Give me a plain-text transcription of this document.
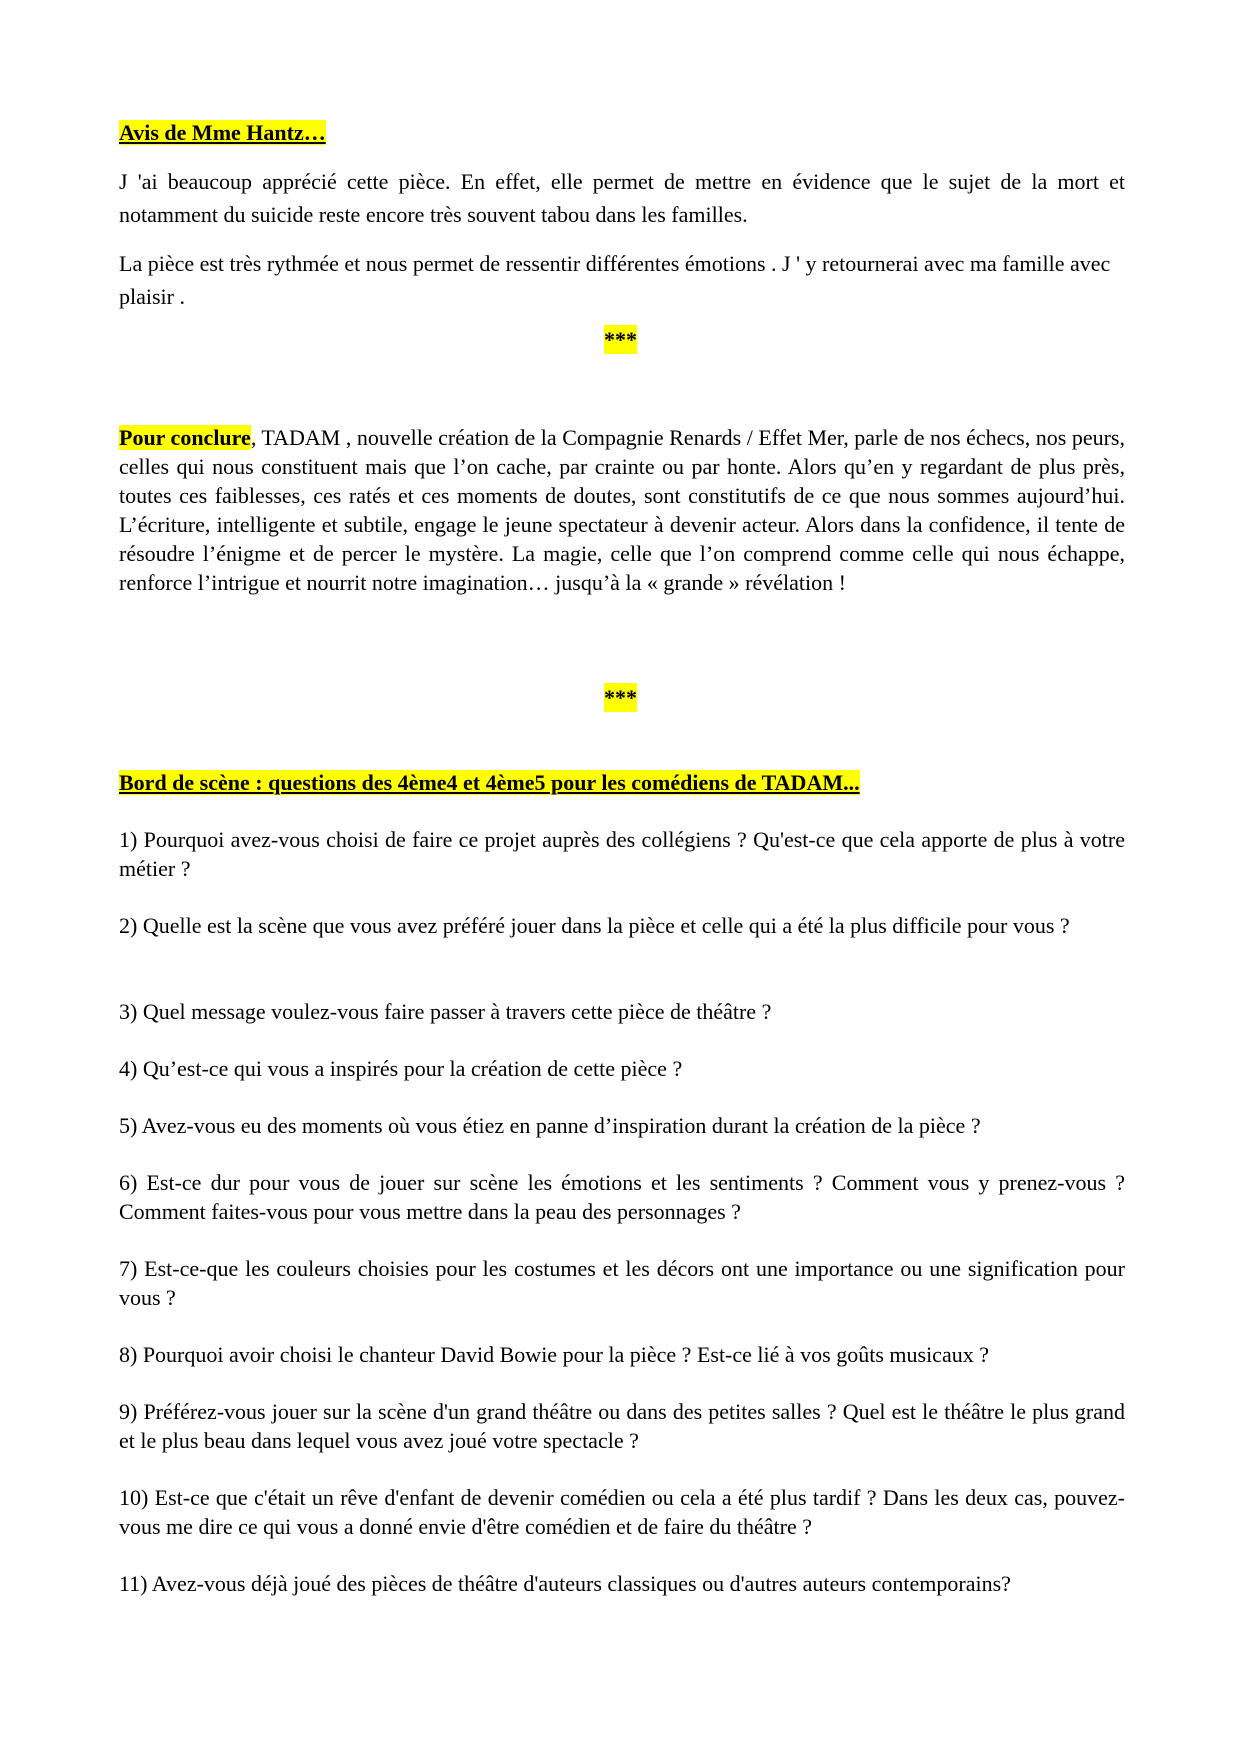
Avis de Mme Hantz…

J 'ai beaucoup apprécié cette pièce. En effet, elle permet de mettre en évidence que le sujet de la mort et notamment du suicide reste encore très souvent tabou dans les familles.

La pièce est très rythmée et nous permet de ressentir différentes émotions . J ' y retournerai avec ma famille avec plaisir .

***

Pour conclure, TADAM , nouvelle création de la Compagnie Renards / Effet Mer, parle de nos échecs, nos peurs, celles qui nous constituent mais que l’on cache, par crainte ou par honte. Alors qu’en y regardant de plus près, toutes ces faiblesses, ces ratés et ces moments de doutes, sont constitutifs de ce que nous sommes aujourd’hui. L’écriture, intelligente et subtile, engage le jeune spectateur à devenir acteur. Alors dans la confidence, il tente de résoudre l’énigme et de percer le mystère. La magie, celle que l’on comprend comme celle qui nous échappe, renforce l’intrigue et nourrit notre imagination… jusqu’à la « grande » révélation !

***

Bord de scène : questions des 4ème4 et 4ème5 pour les comédiens de TADAM...

1) Pourquoi avez-vous choisi de faire ce projet auprès des collégiens ? Qu'est-ce que cela apporte de plus à votre métier ?

2) Quelle est la scène que vous avez préféré jouer dans la pièce et celle qui a été la plus difficile pour vous ?

3) Quel message voulez-vous faire passer à travers cette pièce de théâtre ?

4) Qu’est-ce qui vous a inspirés pour la création de cette pièce ?

5) Avez-vous eu des moments où vous étiez en panne d’inspiration durant la création de la pièce ?

6) Est-ce dur pour vous de jouer sur scène les émotions et les sentiments ? Comment vous y prenez-vous ? Comment faites-vous pour vous mettre dans la peau des personnages ?

7) Est-ce-que les couleurs choisies pour les costumes et les décors ont une importance ou une signification pour vous ?

8) Pourquoi avoir choisi le chanteur David Bowie pour la pièce ? Est-ce lié à vos goûts musicaux ?

9) Préférez-vous jouer sur la scène d'un grand théâtre ou dans des petites salles ? Quel est le théâtre le plus grand et le plus beau dans lequel vous avez joué votre spectacle ?

10) Est-ce que c'était un rêve d'enfant de devenir comédien ou cela a été plus tardif ? Dans les deux cas, pouvez-vous me dire ce qui vous a donné envie d'être comédien et de faire du théâtre ?

11) Avez-vous déjà joué des pièces de théâtre d'auteurs classiques ou d'autres auteurs contemporains?
